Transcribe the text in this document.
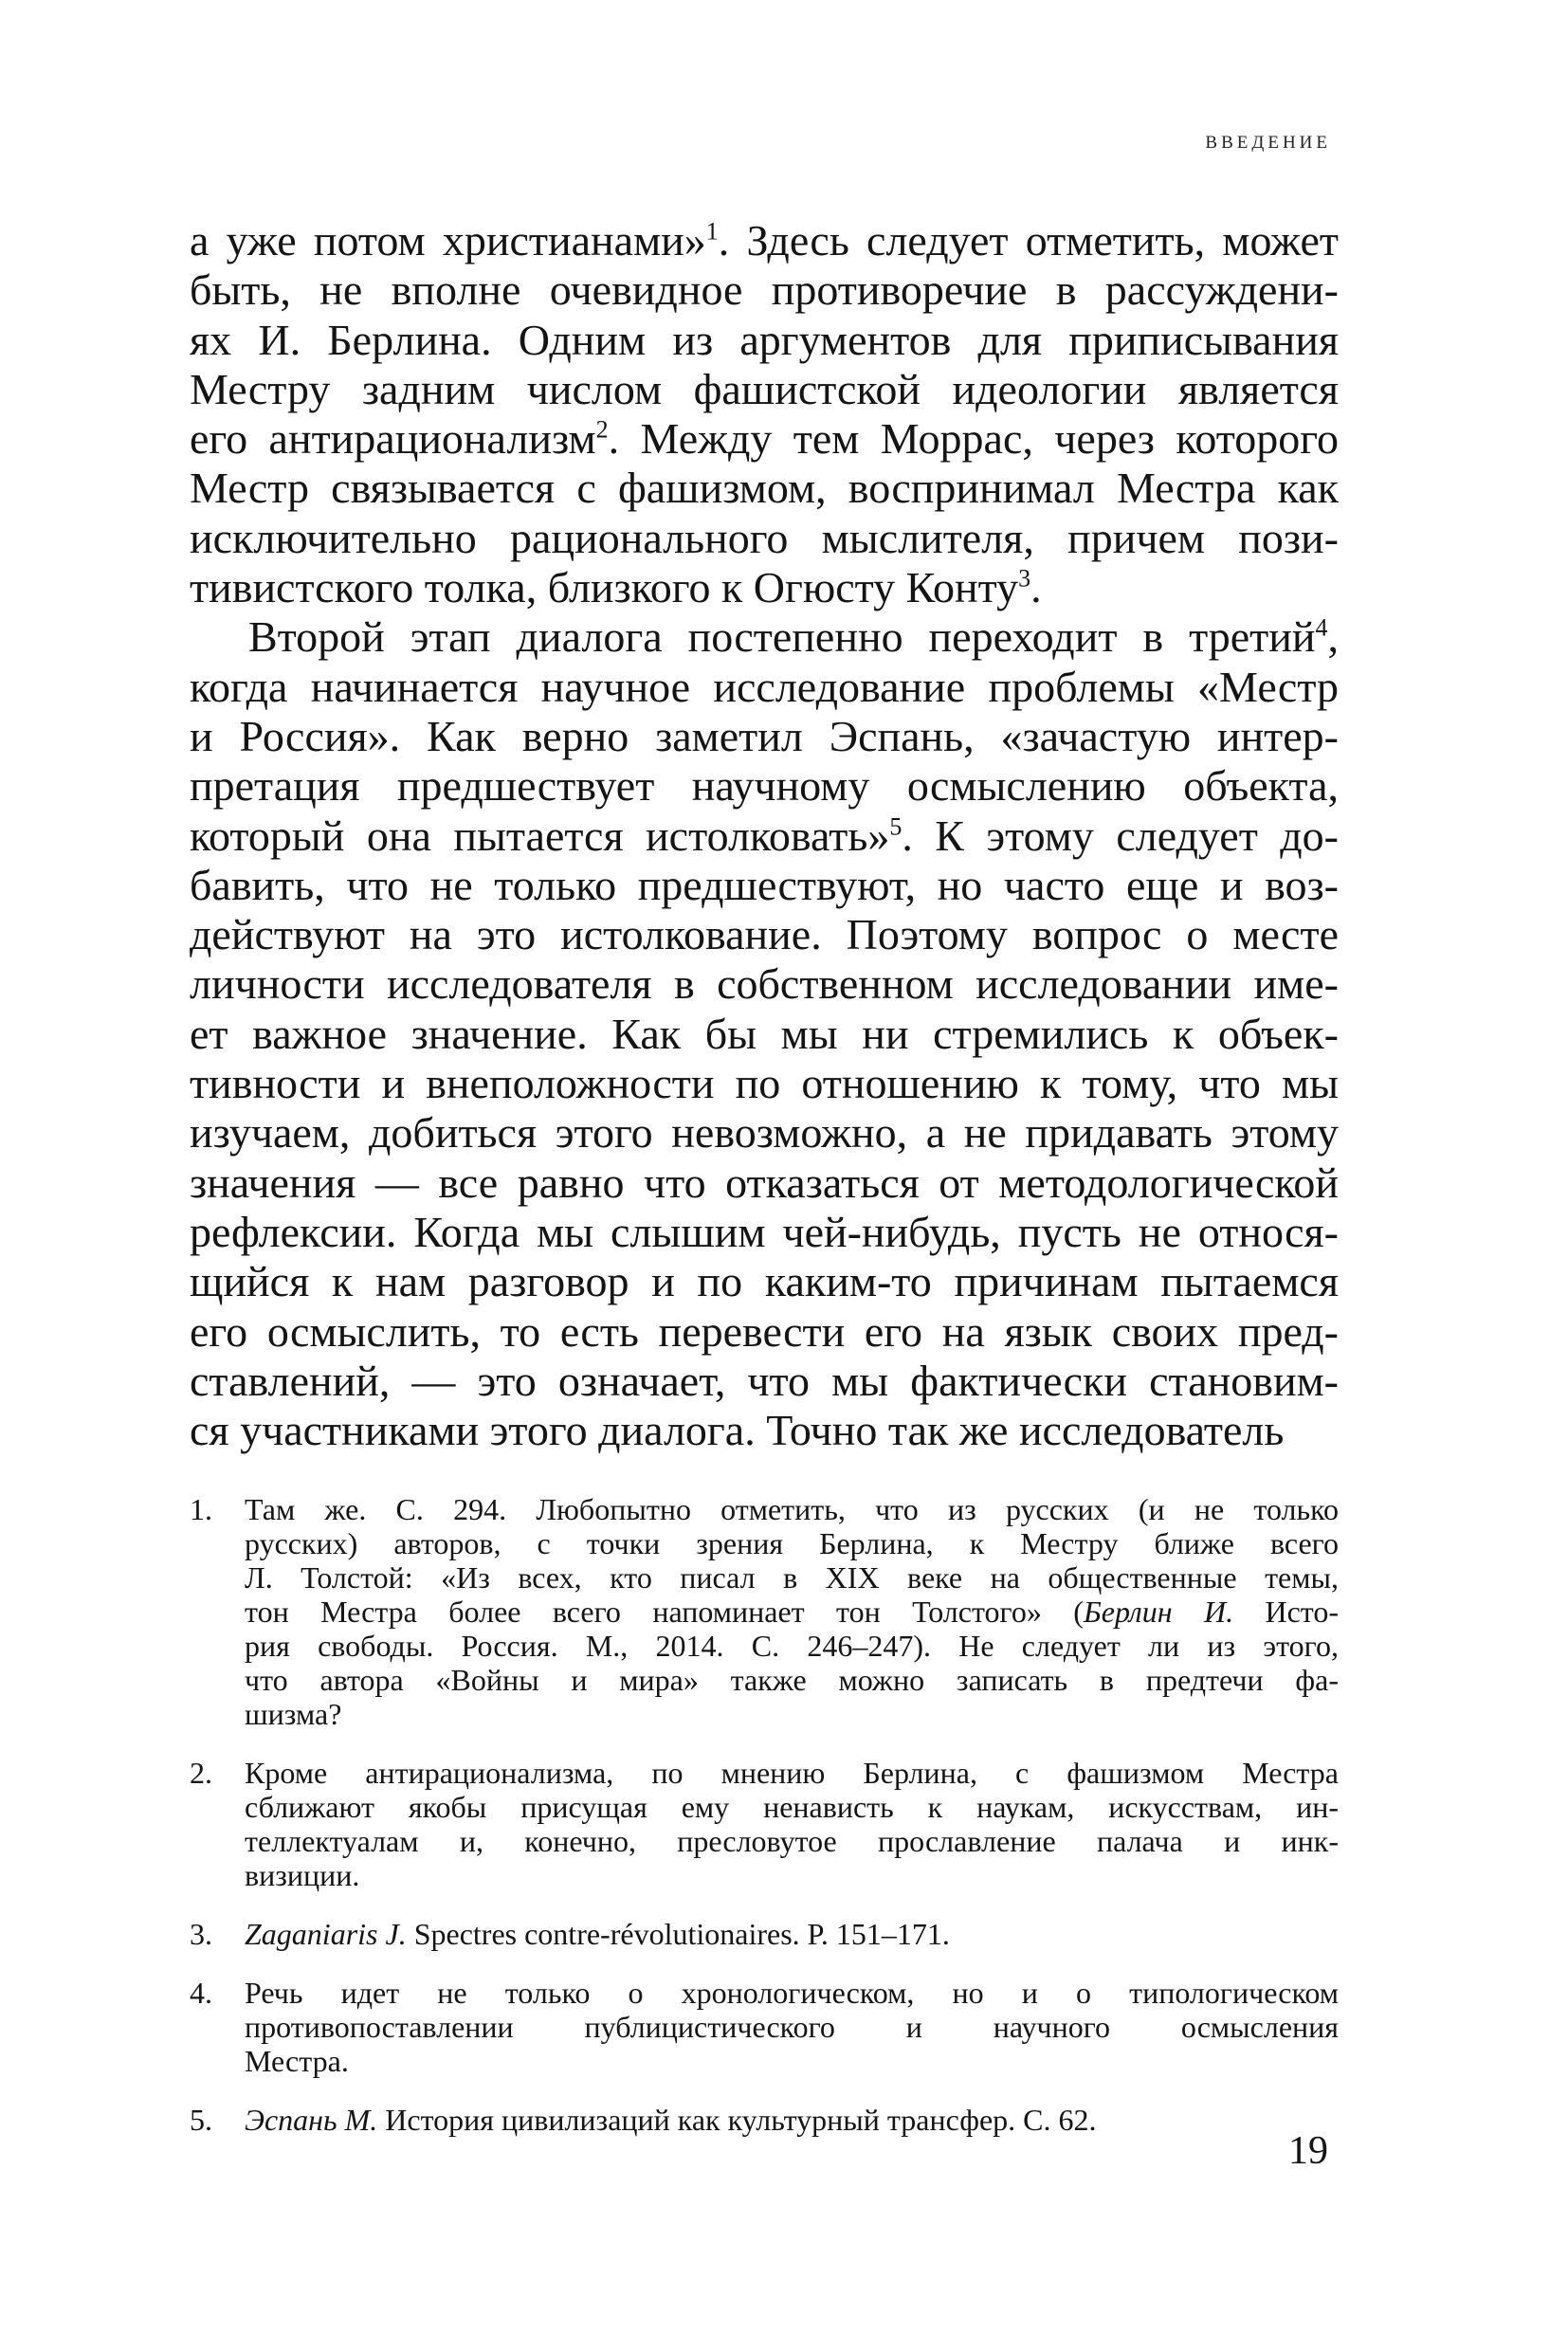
ВВЕДЕНИЕ
а уже потом христианами»$^1$. Здесь следует отметить, может
быть, не вполне очевидное противоречие в рассуждени-
ях И. Берлина. Одним из аргументов для приписывания
Местру задним числом фашистской идеологии является
его антирационализм$^2$. Между тем Моррас, через которого
Местр связывается с фашизмом, воспринимал Местра как
исключительно рационального мыслителя, причем пози-
тивистского толка, близкого к Огюсту Конту$^3$.
Второй этап диалога постепенно переходит в третий$^4$,
когда начинается научное исследование проблемы «Местр
и Россия». Как верно заметил Эспань, «зачастую интер-
претация предшествует научному осмыслению объекта,
который она пытается истолковать»$^5$. К этому следует до-
бавить, что не только предшествуют, но часто еще и воз-
действуют на это истолкование. Поэтому вопрос о месте
личности исследователя в собственном исследовании име-
ет важное значение. Как бы мы ни стремились к объек-
тивности и внеположности по отношению к тому, что мы
изучаем, добиться этого невозможно, а не придавать этому
значения — все равно что отказаться от методологической
рефлексии. Когда мы слышим чей-нибудь, пусть не относя-
щийся к нам разговор и по каким-то причинам пытаемся
его осмыслить, то есть перевести его на язык своих пред-
ставлений, — это означает, что мы фактически становим-
ся участниками этого диалога. Точно так же исследователь
1.	Там же. С. 294. Любопытно отметить, что из русских (и не только
русских) авторов, с точки зрения Берлина, к Местру ближе всего
Л. Толстой: «Из всех, кто писал в XIX веке на общественные темы,
тон Местра более всего напоминает тон Толстого» (Берлин И. Исто-
рия свободы. Россия. М., 2014. С. 246–247). Не следует ли из этого,
что автора «Войны и мира» также можно записать в предтечи фа-
шизма?
2.	Кроме антирационализма, по мнению Берлина, с фашизмом Местра
сближают якобы присущая ему ненависть к наукам, искусствам, ин-
теллектуалам и, конечно, пресловутое прославление палача и инк-
визиции.
3.	Zaganiaris J. Spectres contre-révolutionaires. P. 151–171.
4.	Речь идет не только о хронологическом, но и о типологическом
противопоставлении публицистического и научного осмысления
Местра.
5.	Эспань М. История цивилизаций как культурный трансфер. С. 62.
19
